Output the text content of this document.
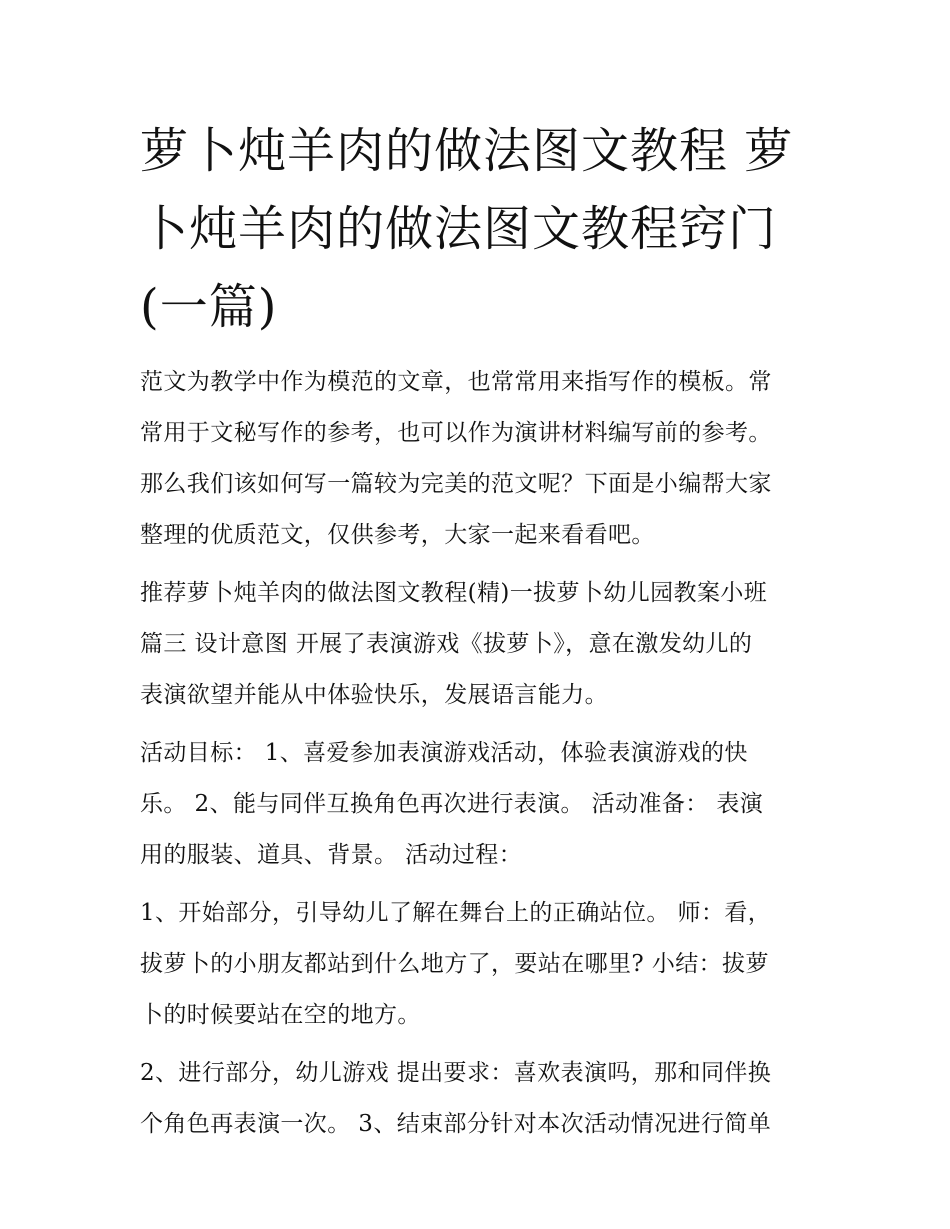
萝卜炖羊肉的做法图文教程 萝
卜炖羊肉的做法图文教程窍门
(一篇)
范文为教学中作为模范的文章，也常常用来指写作的模板。常
常用于文秘写作的参考，也可以作为演讲材料编写前的参考。
那么我们该如何写一篇较为完美的范文呢？下面是小编帮大家
整理的优质范文，仅供参考，大家一起来看看吧。
推荐萝卜炖羊肉的做法图文教程(精)一拔萝卜幼儿园教案小班
篇三 设计意图 开展了表演游戏《拔萝卜》，意在激发幼儿的
表演欲望并能从中体验快乐，发展语言能力。
活动目标： 1、喜爱参加表演游戏活动，体验表演游戏的快
乐。 2、能与同伴互换角色再次进行表演。 活动准备： 表演
用的服装、道具、背景。 活动过程：
1、开始部分，引导幼儿了解在舞台上的正确站位。 师：看，
拔萝卜的小朋友都站到什么地方了，要站在哪里? 小结：拔萝
卜的时候要站在空的地方。
2、进行部分，幼儿游戏 提出要求：喜欢表演吗，那和同伴换
个角色再表演一次。 3、结束部分针对本次活动情况进行简单
